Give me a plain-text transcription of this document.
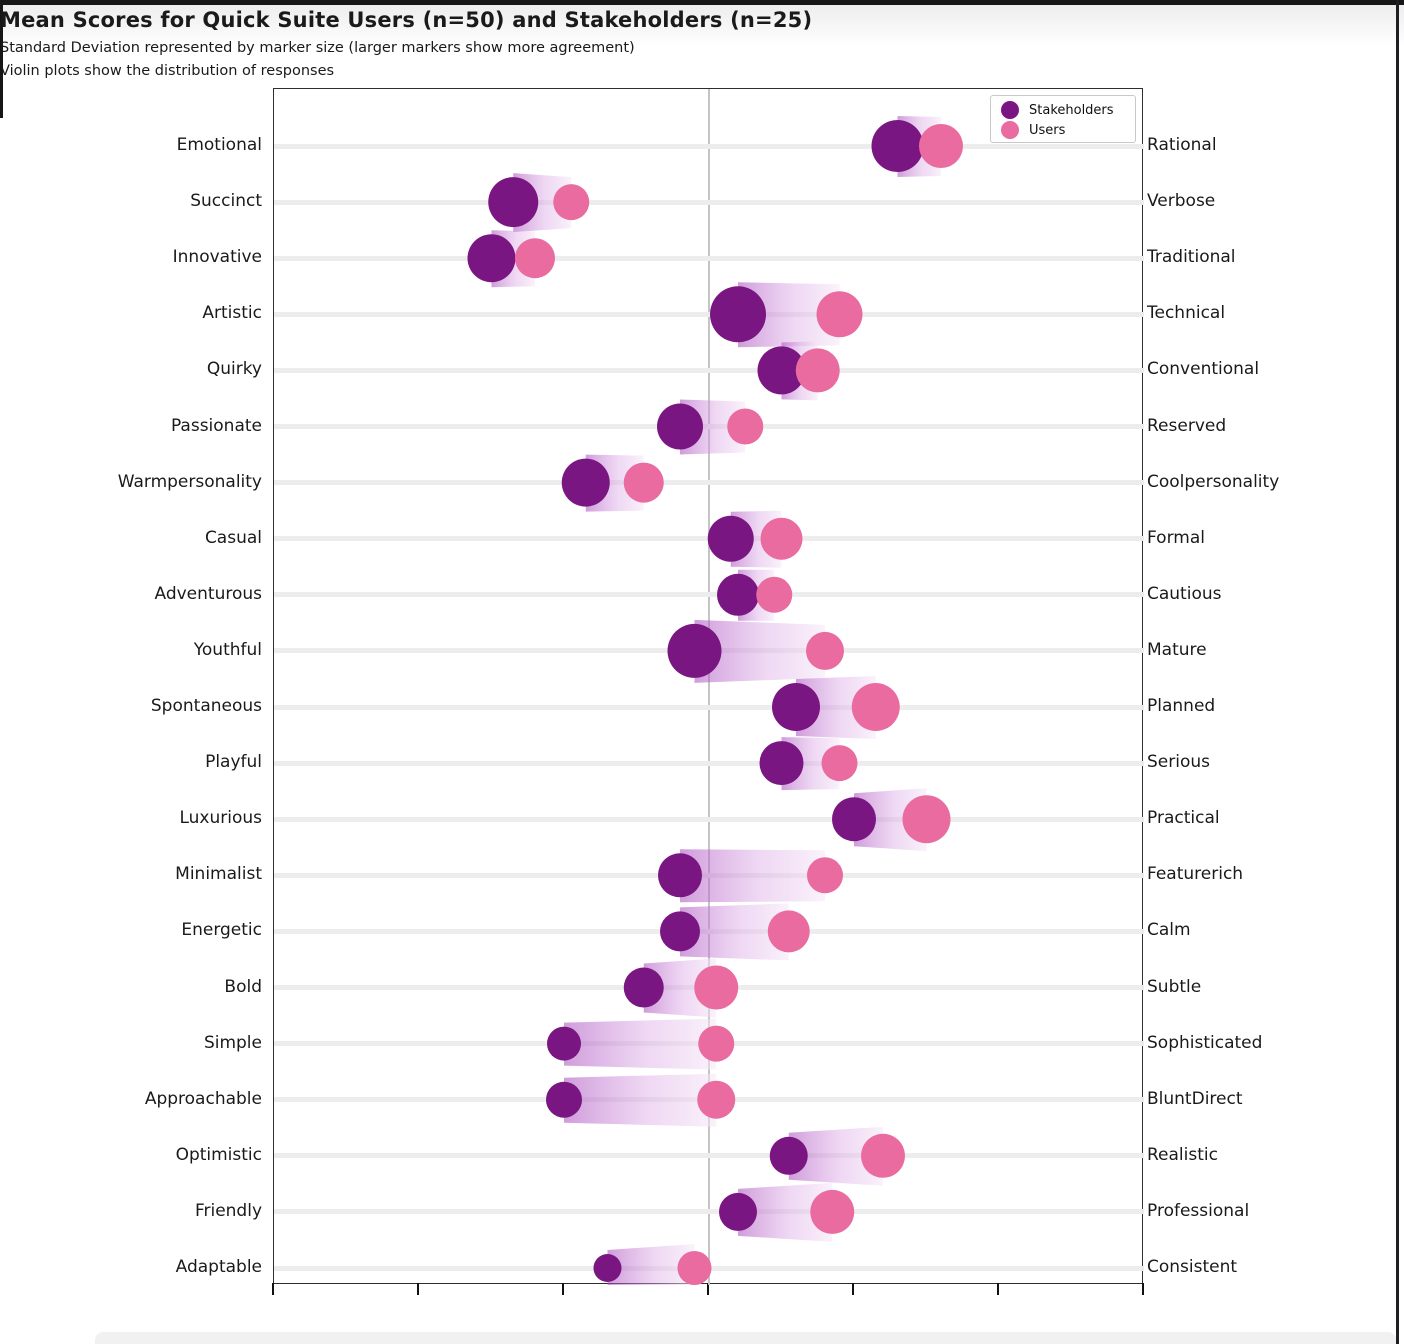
Mean Scores for Quick Suite Users (n=50) and Stakeholders (n=25)
Standard Deviation represented by marker size (larger markers show more agreement)
Violin plots show the distribution of responses
Stakeholders
Users
Emotional	Rational
Succinct	Verbose
Innovative	Traditional
Artistic	Technical
Quirky	Conventional
Passionate	Reserved
Warmpersonality	Coolpersonality
Casual	Formal
Adventurous	Cautious
Youthful	Mature
Spontaneous	Planned
Playful	Serious
Luxurious	Practical
Minimalist	Featurerich
Energetic	Calm
Bold	Subtle
Simple	Sophisticated
Approachable	BluntDirect
Optimistic	Realistic
Friendly	Professional
Adaptable	Consistent
